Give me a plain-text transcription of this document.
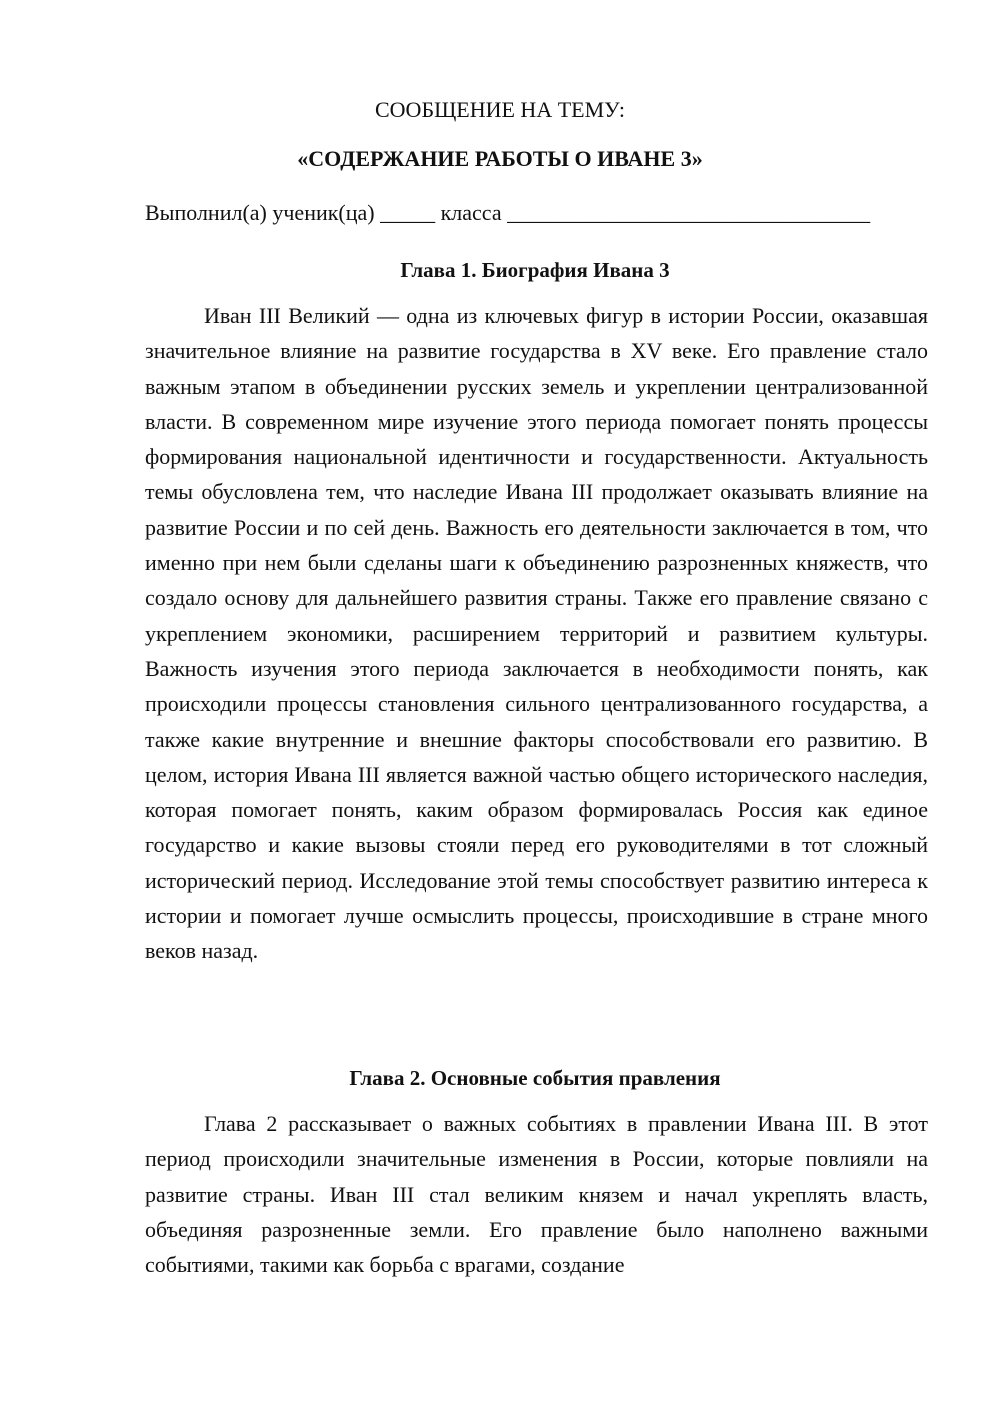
СООБЩЕНИЕ НА ТЕМУ:
«СОДЕРЖАНИЕ РАБОТЫ О ИВАНЕ 3»
Выполнил(а) ученик(ца) _____ класса _________________________________
Глава 1. Биография Ивана 3

Иван III Великий — одна из ключевых фигур в истории России, оказавшая значительное влияние на развитие государства в XV веке. Его правление стало важным этапом в объединении русских земель и укреплении централизованной власти. В современном мире изучение этого периода помогает понять процессы формирования национальной идентичности и государственности. Актуальность темы обусловлена тем, что наследие Ивана III продолжает оказывать влияние на развитие России и по сей день. Важность его деятельности заключается в том, что именно при нем были сделаны шаги к объединению разрозненных княжеств, что создало основу для дальнейшего развития страны. Также его правление связано с укреплением экономики, расширением территорий и развитием культуры. Важность изучения этого периода заключается в необходимости понять, как происходили процессы становления сильного централизованного государства, а также какие внутренние и внешние факторы способствовали его развитию. В целом, история Ивана III является важной частью общего исторического наследия, которая помогает понять, каким образом формировалась Россия как единое государство и какие вызовы стояли перед его руководителями в тот сложный исторический период. Исследование этой темы способствует развитию интереса к истории и помогает лучше осмыслить процессы, происходившие в стране много веков назад.

Глава 2. Основные события правления

Глава 2 рассказывает о важных событиях в правлении Ивана III. В этот период происходили значительные изменения в России, которые повлияли на развитие страны. Иван III стал великим князем и начал укреплять власть, объединяя разрозненные земли. Его правление было наполнено важными событиями, такими как борьба с врагами, создание
